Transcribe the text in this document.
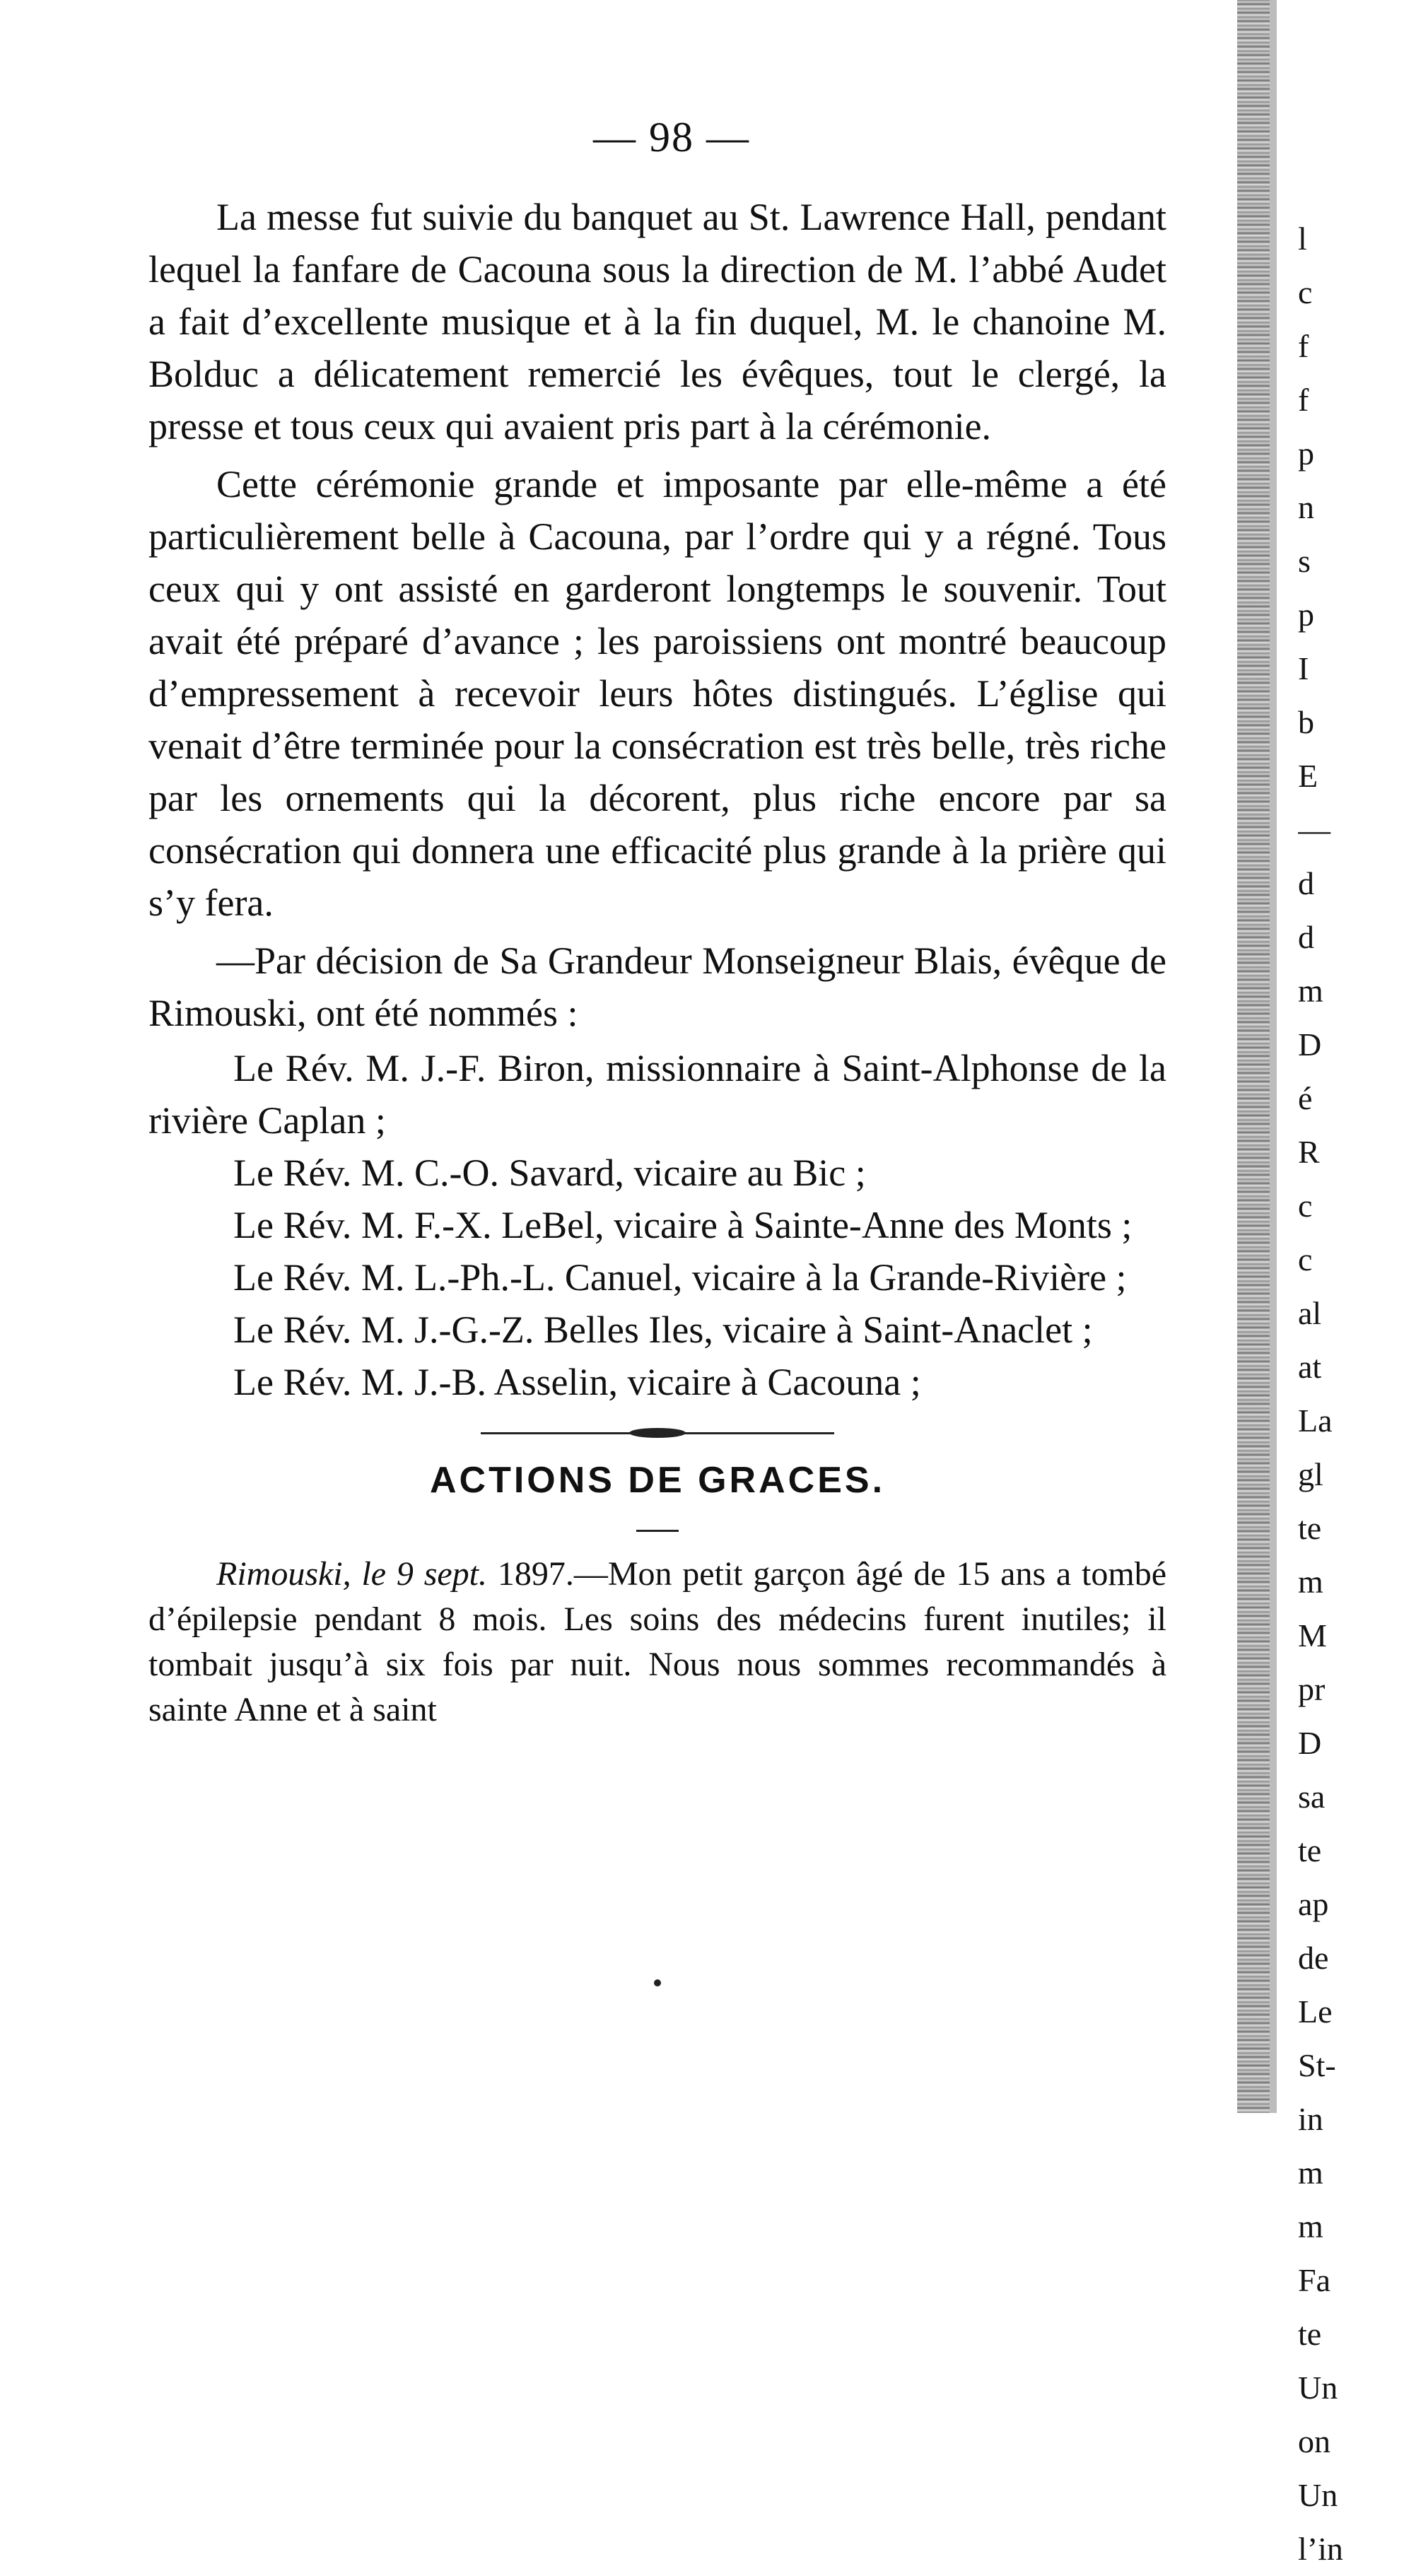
— 98 —

La messe fut suivie du banquet au St. Lawrence Hall, pendant lequel la fanfare de Cacouna sous la direction de M. l’abbé Audet a fait d’excellente musique et à la fin duquel, M. le chanoine M. Bolduc a délicatement remercié les évêques, tout le clergé, la presse et tous ceux qui avaient pris part à la cérémonie.

Cette cérémonie grande et imposante par elle-même a été particulièrement belle à Cacouna, par l’ordre qui y a régné. Tous ceux qui y ont assisté en garderont longtemps le souvenir. Tout avait été préparé d’avance ; les paroissiens ont montré beaucoup d’empressement à recevoir leurs hôtes distingués. L’église qui venait d’être terminée pour la consécration est très belle, très riche par les ornements qui la décorent, plus riche encore par sa consécration qui donnera une efficacité plus grande à la prière qui s’y fera.

—Par décision de Sa Grandeur Monseigneur Blais, évêque de Rimouski, ont été nommés :

Le Rév. M. J.-F. Biron, missionnaire à Saint-Alphonse de la rivière Caplan ;
Le Rév. M. C.-O. Savard, vicaire au Bic ;
Le Rév. M. F.-X. LeBel, vicaire à Sainte-Anne des Monts ;
Le Rév. M. L.-Ph.-L. Canuel, vicaire à la Grande-Rivière ;
Le Rév. M. J.-G.-Z. Belles Iles, vicaire à Saint-Anaclet ;
Le Rév. M. J.-B. Asselin, vicaire à Cacouna ;
ACTIONS DE GRACES.

Rimouski, le 9 sept. 1897.—Mon petit garçon âgé de 15 ans a tombé d’épilepsie pendant 8 mois. Les soins des médecins furent inutiles; il tombait jusqu’à six fois par nuit. Nous nous sommes recommandés à sainte Anne et à saint

l
c
f
f
p
n
s
p
I
b
E
—
d
d
m
D
é
R
c
c
al
at
La
gl
te
m
M
pr
D
sa
te
ap
de
Le
St-
in
m
m
Fa
te
Un
on
Un
l’in
